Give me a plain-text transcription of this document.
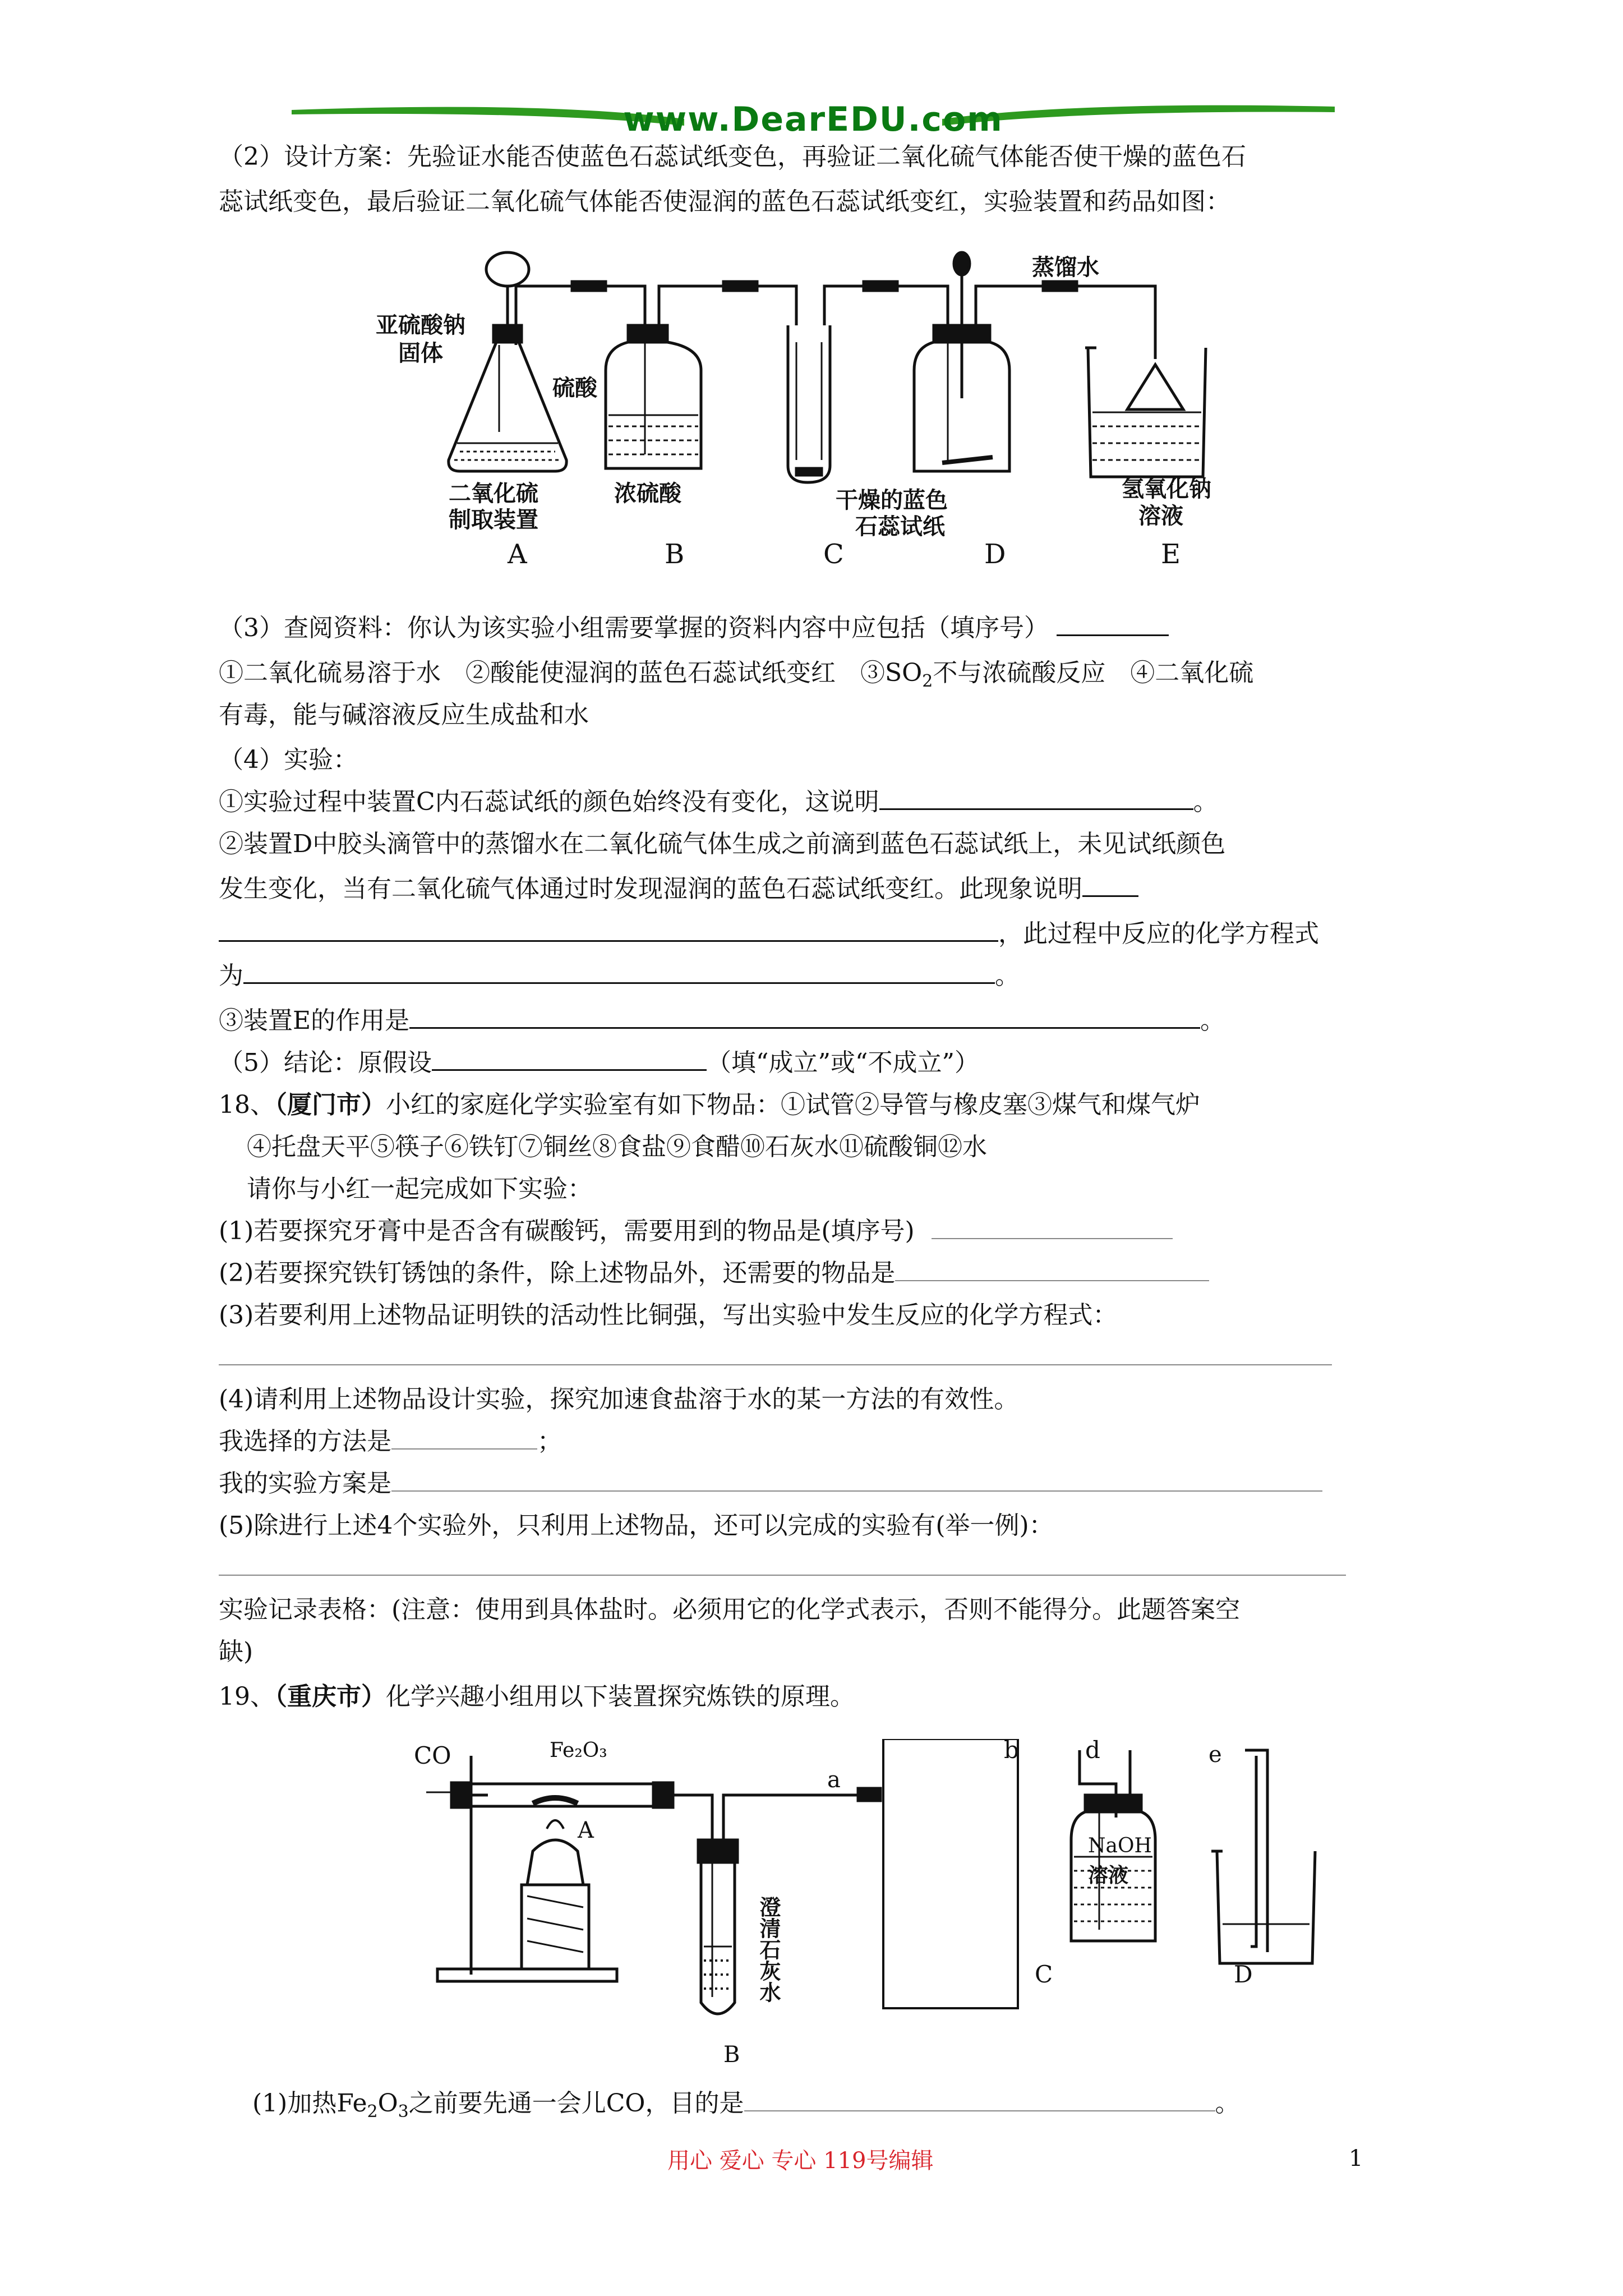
www.DearEDU.com
（2）设计方案：先验证水能否使蓝色石蕊试纸变色，再验证二氧化硫气体能否使干燥的蓝色石
蕊试纸变色，最后验证二氧化硫气体能否使湿润的蓝色石蕊试纸变红，实验装置和药品如图：
亚硫酸钠
固体
硫酸
二氧化硫
制取装置
浓硫酸	干燥的蓝色
石蕊试纸
蒸馏水
氢氧化钠
溶液
A	B	C	D	E
（3）查阅资料：你认为该实验小组需要掌握的资料内容中应包括（填序号）
①二氧化硫易溶于水　②酸能使湿润的蓝色石蕊试纸变红　$③SO_2$不与浓硫酸反应　④二氧化硫
有毒，能与碱溶液反应生成盐和水
（4）实验：
①实验过程中装置C内石蕊试纸的颜色始终没有变化，这说明	。
②装置D中胶头滴管中的蒸馏水在二氧化硫气体生成之前滴到蓝色石蕊试纸上，未见试纸颜色
发生变化，当有二氧化硫气体通过时发现湿润的蓝色石蕊试纸变红。此现象说明
，此过程中反应的化学方程式
为	。
③装置E的作用是	。
（5）结论：原假设	（填“成立”或“不成立”）
18、（厦门市）小红的家庭化学实验室有如下物品：①试管②导管与橡皮塞③煤气和煤气炉
④托盘天平⑤筷子⑥铁钉⑦铜丝⑧食盐⑨食醋⑩石灰水⑪硫酸铜⑫水
请你与小红一起完成如下实验：
(1)若要探究牙膏中是否含有碳酸钙，需要用到的物品是(填序号)
(2)若要探究铁钉锈蚀的条件，除上述物品外，还需要的物品是
(3)若要利用上述物品证明铁的活动性比铜强，写出实验中发生反应的化学方程式：
(4)请利用上述物品设计实验，探究加速食盐溶于水的某一方法的有效性。
我选择的方法是	；
我的实验方案是
(5)除进行上述4个实验外，只利用上述物品，还可以完成的实验有(举一例)：
实验记录表格：(注意：使用到具体盐时。必须用它的化学式表示，否则不能得分。此题答案空
缺)
19、（重庆市）化学兴趣小组用以下装置探究炼铁的原理。
CO	Fe₂O₃
A
B
a
b	d	e
C	D
澄清石灰水
NaOH
溶液
(1)加热$Fe_2O_3$之前要先通一会儿CO，目的是	。
用心 爱心 专心 119号编辑	1
